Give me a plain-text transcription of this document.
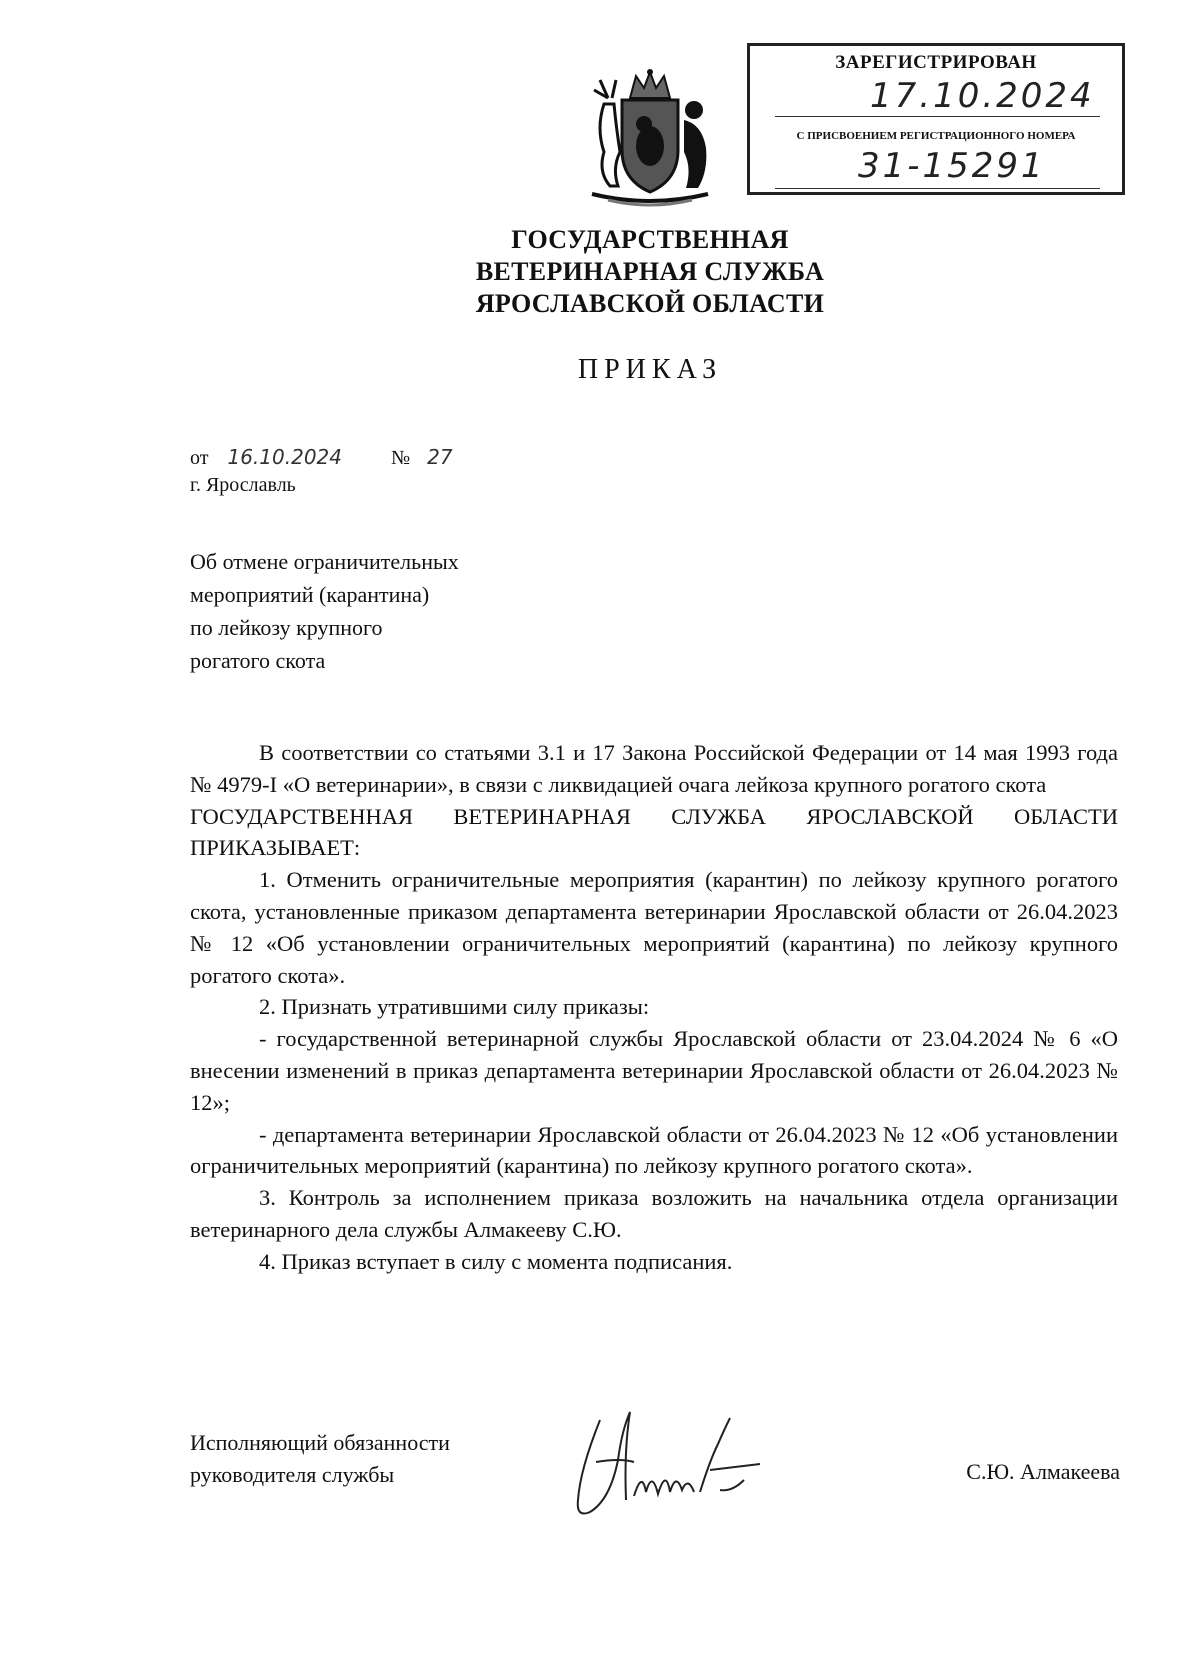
ЗАРЕГИСТРИРОВАН
17.10.2024
С ПРИСВОЕНИЕМ РЕГИСТРАЦИОННОГО НОМЕРА
31-15291
ГОСУДАРСТВЕННАЯ
ВЕТЕРИНАРНАЯ СЛУЖБА
ЯРОСЛАВСКОЙ ОБЛАСТИ
ПРИКАЗ
от 16.10.2024 № 27
г. Ярославль
Об отмене ограничительных
мероприятий (карантина)
по лейкозу крупного
рогатого скота

В соответствии со статьями 3.1 и 17 Закона Российской Федерации от 14 мая 1993 года № 4979-I «О ветеринарии», в связи с ликвидацией очага лейкоза крупного рогатого скота

ГОСУДАРСТВЕННАЯ ВЕТЕРИНАРНАЯ СЛУЖБА ЯРОСЛАВСКОЙ ОБЛАСТИ ПРИКАЗЫВАЕТ:

1. Отменить ограничительные мероприятия (карантин) по лейкозу крупного рогатого скота, установленные приказом департамента ветеринарии Ярославской области от 26.04.2023 № 12 «Об установлении ограничительных мероприятий (карантина) по лейкозу крупного рогатого скота».

2. Признать утратившими силу приказы:

- государственной ветеринарной службы Ярославской области от 23.04.2024 № 6 «О внесении изменений в приказ департамента ветеринарии Ярославской области от 26.04.2023 № 12»;

- департамента ветеринарии Ярославской области от 26.04.2023 № 12 «Об установлении ограничительных мероприятий (карантина) по лейкозу крупного рогатого скота».

3. Контроль за исполнением приказа возложить на начальника отдела организации ветеринарного дела службы Алмакееву С.Ю.

4. Приказ вступает в силу с момента подписания.

Исполняющий обязанности
руководителя службы	С.Ю. Алмакеева
